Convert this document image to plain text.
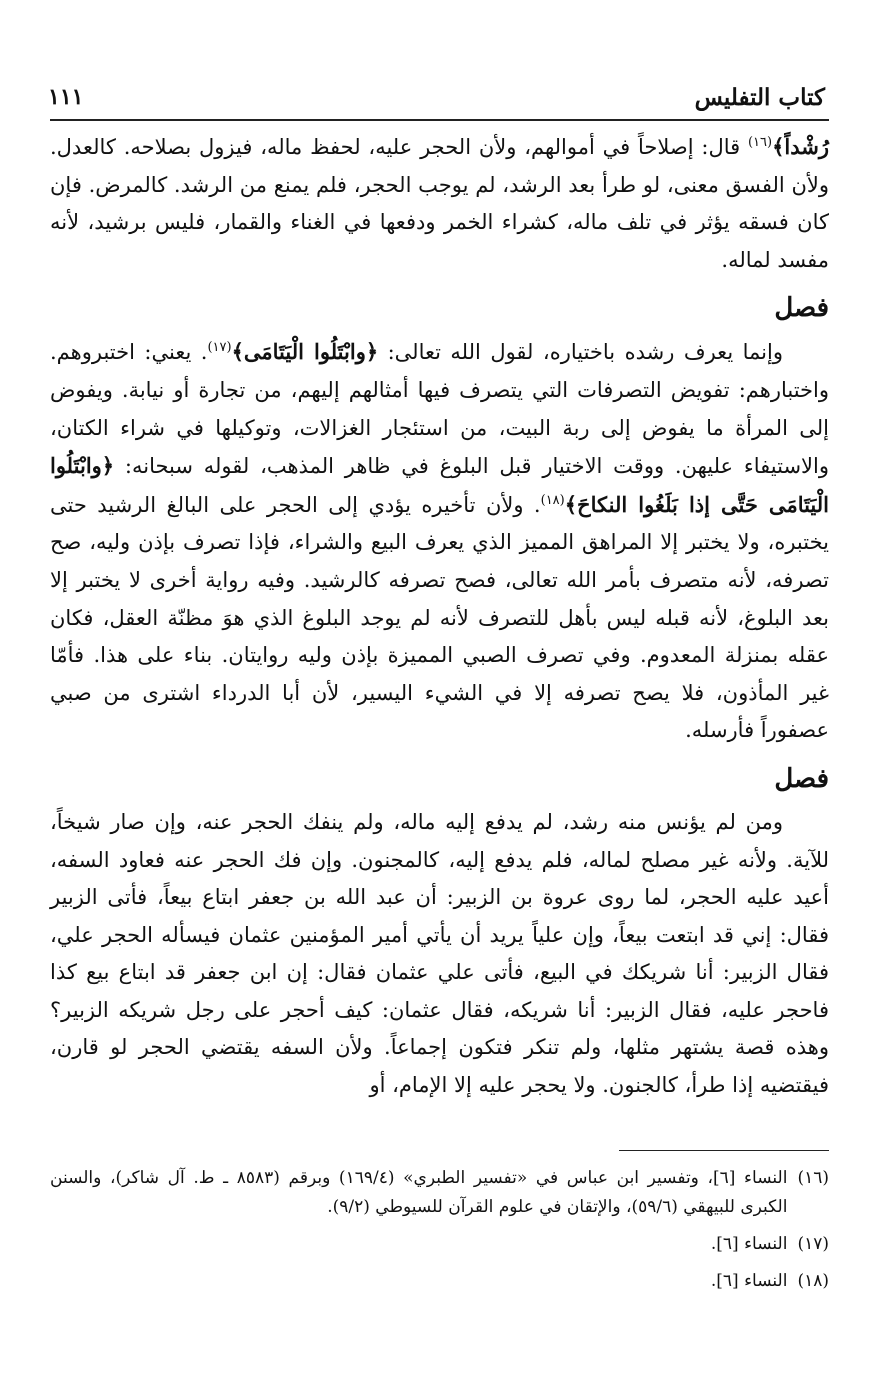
كتاب التفليس
١١١

رُشْداً﴾$^{(١٦)}$ قال: إصلاحاً في أموالهم، ولأن الحجر عليه، لحفظ ماله، فيزول بصلاحه. كالعدل. ولأن الفسق معنى، لو طرأ بعد الرشد، لم يوجب الحجر، فلم يمنع من الرشد. كالمرض. فإن كان فسقه يؤثر في تلف ماله، كشراء الخمر ودفعها في الغناء والقمار، فليس برشيد، لأنه مفسد لماله.

فصل

وإنما يعرف رشده باختياره، لقول الله تعالى: ﴿وابْتَلُوا الْيَتَامَى﴾$^{(١٧)}$. يعني: اختبروهم. واختبارهم: تفويض التصرفات التي يتصرف فيها أمثالهم إليهم، من تجارة أو نيابة. ويفوض إلى المرأة ما يفوض إلى ربة البيت، من استئجار الغزالات، وتوكيلها في شراء الكتان، والاستيفاء عليهن. ووقت الاختيار قبل البلوغ في ظاهر المذهب، لقوله سبحانه: ﴿وابْتَلُوا الْيَتَامَى حَتَّى إذا بَلَغُوا النكاحَ﴾$^{(١٨)}$. ولأن تأخيره يؤدي إلى الحجر على البالغ الرشيد حتى يختبره، ولا يختبر إلا المراهق المميز الذي يعرف البيع والشراء، فإذا تصرف بإذن وليه، صح تصرفه، لأنه متصرف بأمر الله تعالى، فصح تصرفه كالرشيد. وفيه رواية أخرى لا يختبر إلا بعد البلوغ، لأنه قبله ليس بأهل للتصرف لأنه لم يوجد البلوغ الذي هوَ مظنّة العقل، فكان عقله بمنزلة المعدوم. وفي تصرف الصبي المميزة بإذن وليه روايتان. بناء على هذا. فأمّا غير المأذون، فلا يصح تصرفه إلا في الشيء اليسير، لأن أبا الدرداء اشترى من صبي عصفوراً فأرسله.

فصل

ومن لم يؤنس منه رشد، لم يدفع إليه ماله، ولم ينفك الحجر عنه، وإن صار شيخاً، للآية. ولأنه غير مصلح لماله، فلم يدفع إليه، كالمجنون. وإن فك الحجر عنه فعاود السفه، أعيد عليه الحجر، لما روى عروة بن الزبير: أن عبد الله بن جعفر ابتاع بيعاً، فأتى الزبير فقال: إني قد ابتعت بيعاً، وإن علياً يريد أن يأتي أمير المؤمنين عثمان فيسأله الحجر علي، فقال الزبير: أنا شريكك في البيع، فأتى علي عثمان فقال: إن ابن جعفر قد ابتاع بيع كذا فاحجر عليه، فقال الزبير: أنا شريكه، فقال عثمان: كيف أحجر على رجل شريكه الزبير؟ وهذه قصة يشتهر مثلها، ولم تنكر فتكون إجماعاً. ولأن السفه يقتضي الحجر لو قارن، فيقتضيه إذا طرأ، كالجنون. ولا يحجر عليه إلا الإمام، أو

(١٦)
النساء [٦]، وتفسير ابن عباس في «تفسير الطبري» (١٦٩/٤) وبرقم (٨٥٨٣ ـ ط. آل شاكر)، والسنن الكبرى للبيهقي (٥٩/٦)، والإتقان في علوم القرآن للسيوطي (٩/٢).
(١٧)
النساء [٦].
(١٨)
النساء [٦].
